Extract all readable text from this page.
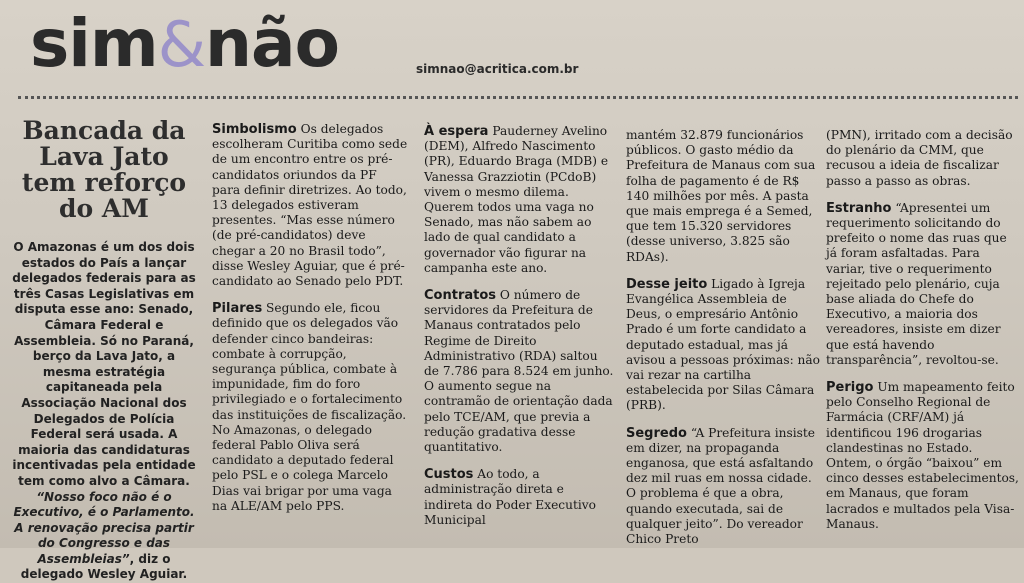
sim&não	simnao@acritica.com.br
Bancada da Lava Jato tem reforço do AM

O Amazonas é um dos dois estados do País a lançar delegados federais para as três Casas Legislativas em disputa esse ano: Senado, Câmara Federal e Assembleia. Só no Paraná, berço da Lava Jato, a mesma estratégia capitaneada pela Associação Nacional dos Delegados de Polícia Federal será usada. A maioria das candidaturas incentivadas pela entidade tem como alvo a Câmara. “Nosso foco não é o Executivo, é o Parlamento. A renovação precisa partir do Congresso e das Assembleias”, diz o delegado Wesley Aguiar.

Simbolismo Os delegados escolheram Curitiba como sede de um encontro entre os pré-candidatos oriundos da PF para definir diretrizes. Ao todo, 13 delegados estiveram presentes. “Mas esse número (de pré-candidatos) deve chegar a 20 no Brasil todo”, disse Wesley Aguiar, que é pré-candidato ao Senado pelo PDT.

Pilares Segundo ele, ficou definido que os delegados vão defender cinco bandeiras: combate à corrupção, segurança pública, combate à impunidade, fim do foro privilegiado e o fortalecimento das instituições de fiscalização. No Amazonas, o delegado federal Pablo Oliva será candidato a deputado federal pelo PSL e o colega Marcelo Dias vai brigar por uma vaga na ALE/AM pelo PPS.

À espera Pauderney Avelino (DEM), Alfredo Nascimento (PR), Eduardo Braga (MDB) e Vanessa Grazziotin (PCdoB) vivem o mesmo dilema. Querem todos uma vaga no Senado, mas não sabem ao lado de qual candidato a governador vão figurar na campanha este ano.

Contratos O número de servidores da Prefeitura de Manaus contratados pelo Regime de Direito Administrativo (RDA) saltou de 7.786 para 8.524 em junho. O aumento segue na contramão de orientação dada pelo TCE/AM, que previa a redução gradativa desse quantitativo.

Custos Ao todo, a administração direta e indireta do Poder Executivo Municipal

mantém 32.879 funcionários públicos. O gasto médio da Prefeitura de Manaus com sua folha de pagamento é de R$ 140 milhões por mês. A pasta que mais emprega é a Semed, que tem 15.320 servidores (desse universo, 3.825 são RDAs).

Desse jeito Ligado à Igreja Evangélica Assembleia de Deus, o empresário Antônio Prado é um forte candidato a deputado estadual, mas já avisou a pessoas próximas: não vai rezar na cartilha estabelecida por Silas Câmara (PRB).

Segredo “A Prefeitura insiste em dizer, na propaganda enganosa, que está asfaltando dez mil ruas em nossa cidade. O problema é que a obra, quando executada, sai de qualquer jeito”. Do vereador Chico Preto

(PMN), irritado com a decisão do plenário da CMM, que recusou a ideia de fiscalizar passo a passo as obras.

Estranho “Apresentei um requerimento solicitando do prefeito o nome das ruas que já foram asfaltadas. Para variar, tive o requerimento rejeitado pelo plenário, cuja base aliada do Chefe do Executivo, a maioria dos vereadores, insiste em dizer que está havendo transparência”, revoltou-se.

Perigo Um mapeamento feito pelo Conselho Regional de Farmácia (CRF/AM) já identificou 196 drogarias clandestinas no Estado. Ontem, o órgão “baixou” em cinco desses estabelecimentos, em Manaus, que foram lacrados e multados pela Visa-Manaus.
